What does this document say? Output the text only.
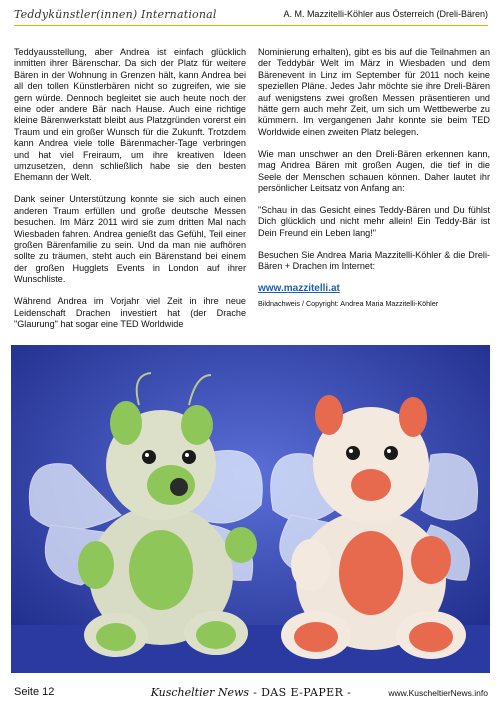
Teddykünstler(innen) International	A. M. Mazzitelli-Köhler aus Österreich (Dreli-Bären)

Teddyausstellung, aber Andrea ist einfach glücklich inmitten ihrer Bärenschar. Da sich der Platz für weitere Bären in der Wohnung in Grenzen hält, kann Andrea bei all den tollen Künstlerbären nicht so zugreifen, wie sie gern würde. Dennoch begleitet sie auch heute noch der eine oder andere Bär nach Hause. Auch eine richtige kleine Bärenwerkstatt bleibt aus Platzgründen vorerst ein Traum und ein großer Wunsch für die Zukunft. Trotzdem kann Andrea viele tolle Bärenmacher-Tage verbringen und hat viel Freiraum, um ihre kreativen Ideen umzusetzen, denn schließlich habe sie den besten Ehemann der Welt.

Dank seiner Unterstützung konnte sie sich auch einen anderen Traum erfüllen und große deutsche Messen besuchen. Im März 2011 wird sie zum dritten Mal nach Wiesbaden fahren. Andrea genießt das Gefühl, Teil einer großen Bärenfamilie zu sein. Und da man nie aufhören sollte zu träumen, steht auch ein Bärenstand bei einem der großen Hugglets Events in London auf ihrer Wunschliste.

Während Andrea im Vorjahr viel Zeit in ihre neue Leidenschaft Drachen investiert hat (der Drache "Glaurung" hat sogar eine TED Worldwide

Nominierung erhalten), gibt es bis auf die Teilnahmen an der Teddybär Welt im März in Wiesbaden und dem Bärenevent in Linz im September für 2011 noch keine speziellen Pläne. Jedes Jahr möchte sie ihre Dreli-Bären auf wenigstens zwei großen Messen präsentieren und hätte gern auch mehr Zeit, um sich um Wettbewerbe zu kümmern. Im vergangenen Jahr konnte sie beim TED Worldwide einen zweiten Platz belegen.

Wie man unschwer an den Dreli-Bären erkennen kann, mag Andrea Bären mit großen Augen, die tief in die Seele der Menschen schauen können. Daher lautet ihr persönlicher Leitsatz von Anfang an:

"Schau in das Gesicht eines Teddy-Bären und Du fühlst Dich glücklich und nicht mehr allein! Ein Teddy-Bär ist Dein Freund ein Leben lang!"

Besuchen Sie Andrea Maria Mazzitelli-Köhler & die Dreli-Bären + Drachen im Internet:

www.mazzitelli.at
Bildnachweis / Copyright: Andrea Maria Mazzitelli-Köhler
Seite 12	Kuscheltier News - DAS E-PAPER -	www.KuscheltierNews.info
